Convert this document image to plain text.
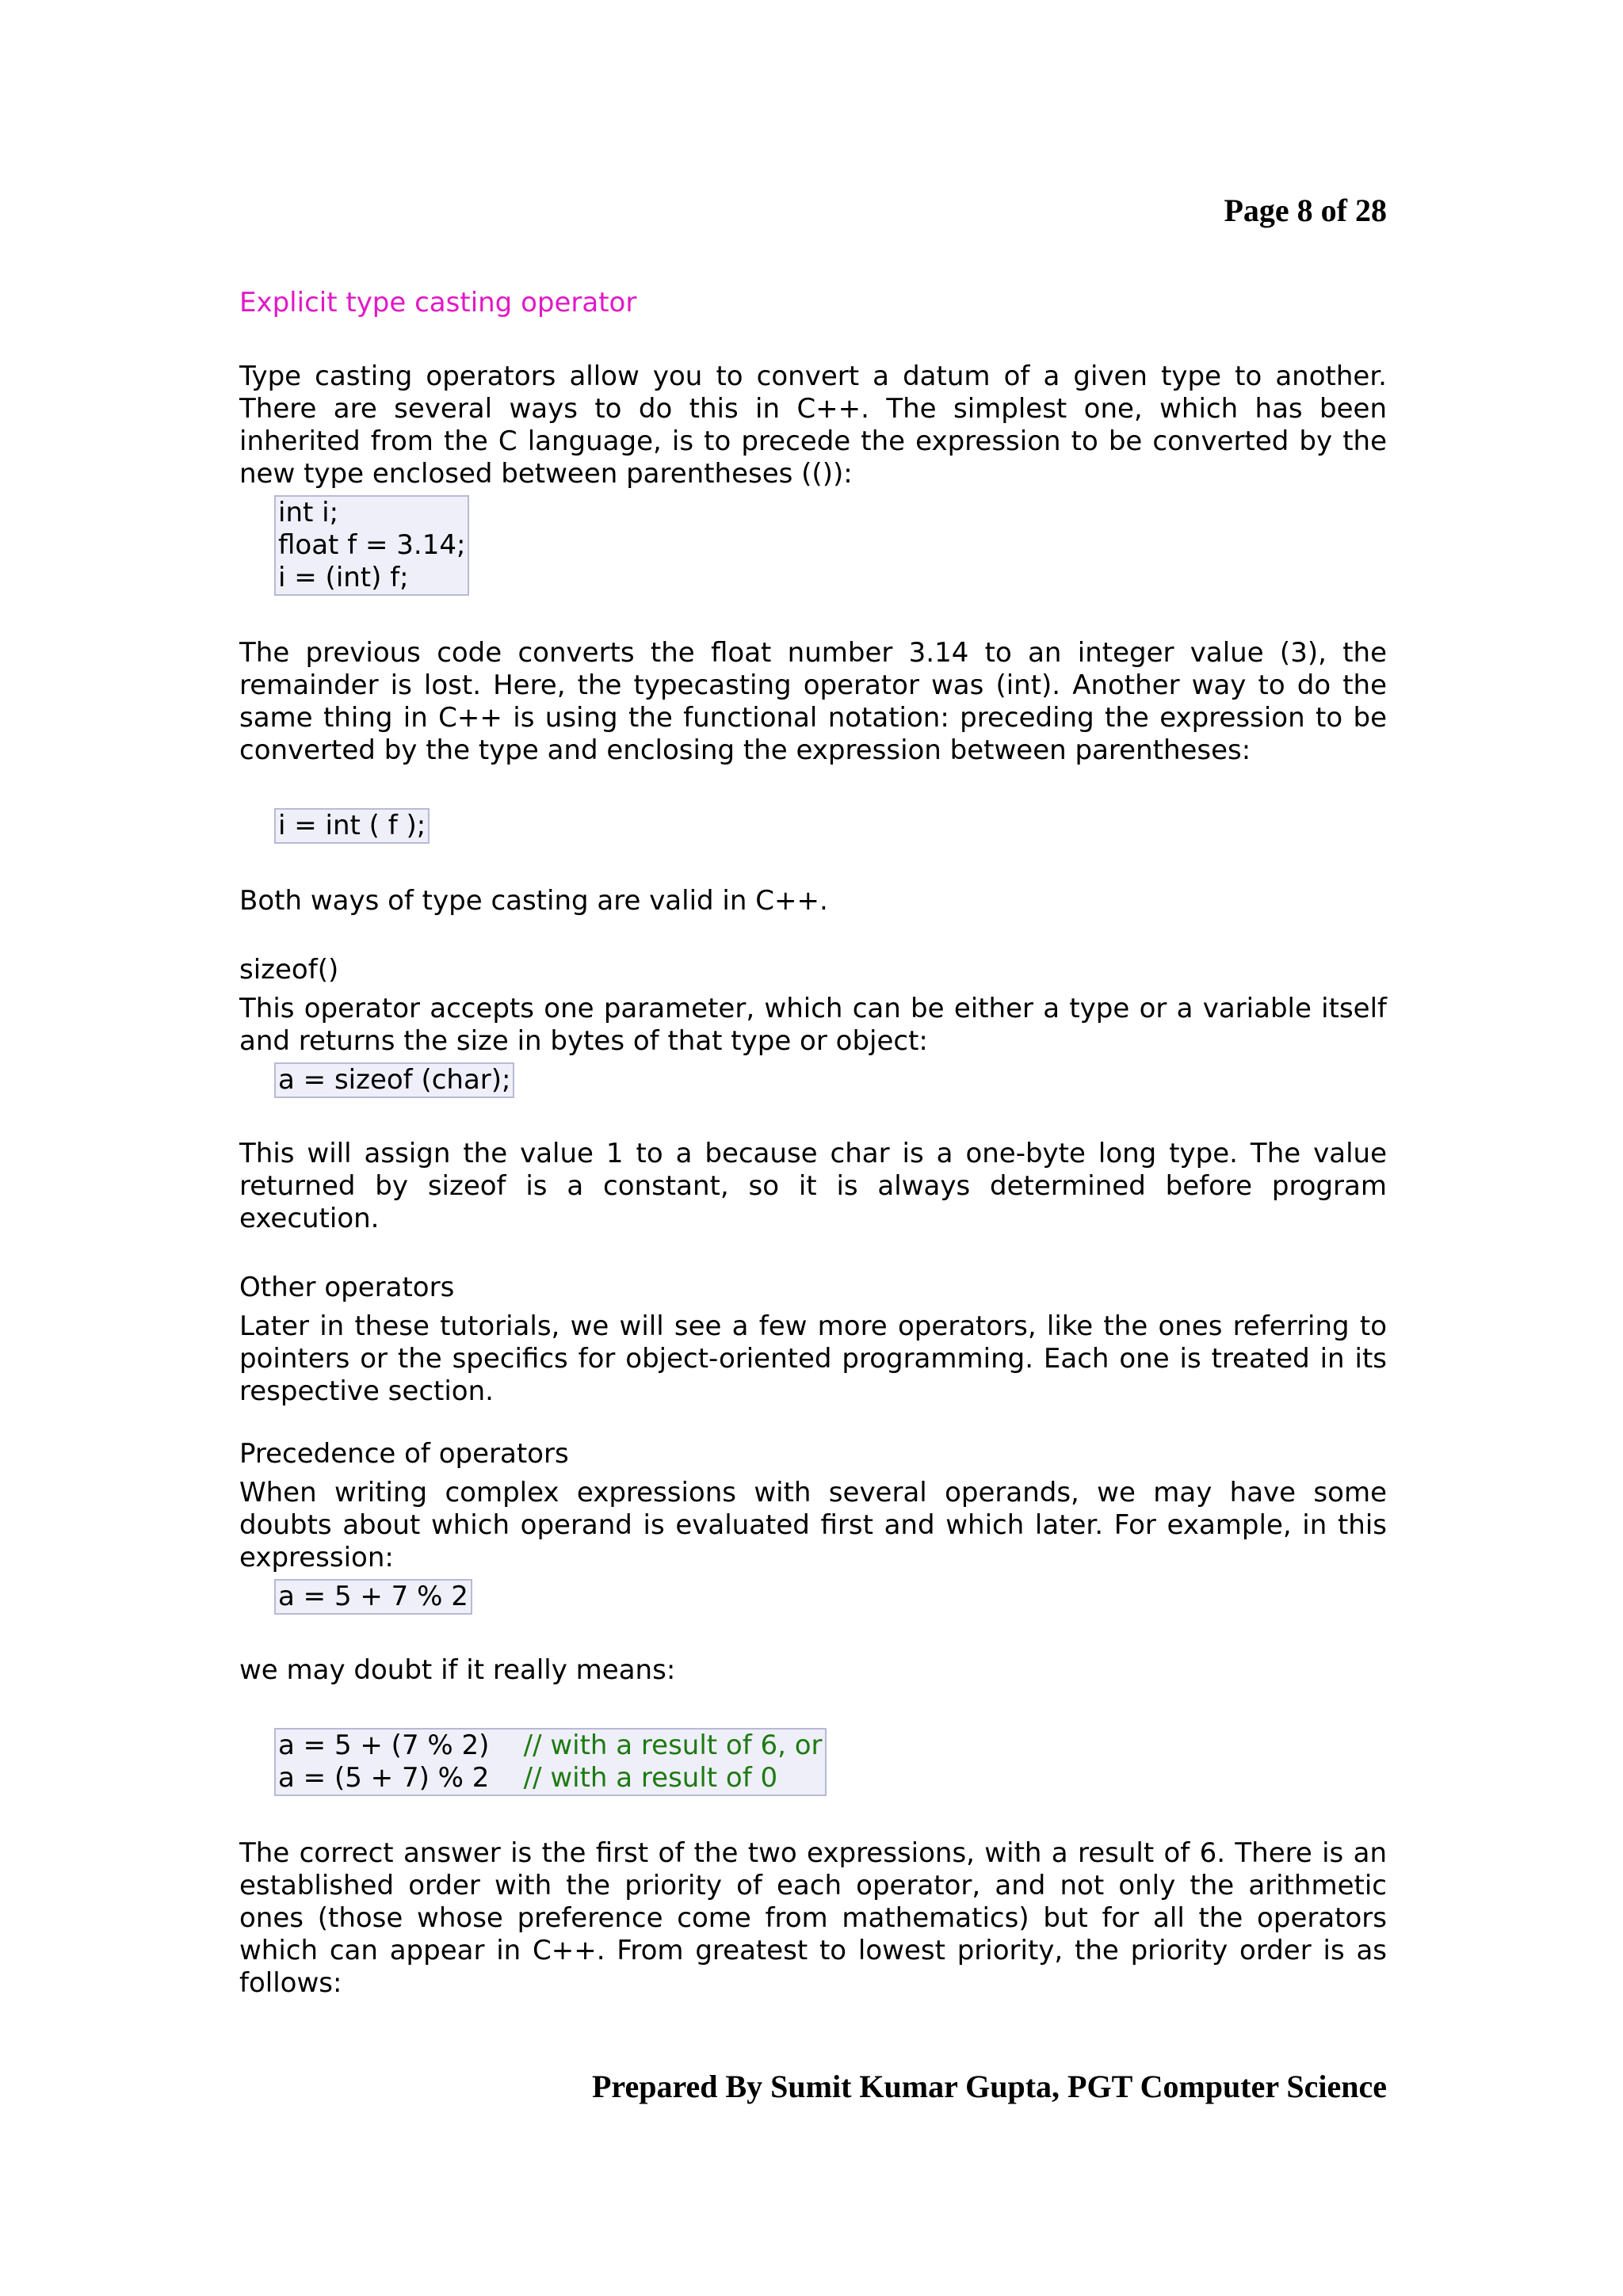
Page 8 of 28
Explicit type casting operator

Type casting operators allow you to convert a datum of a given type to another. There are several ways to do this in C++. The simplest one, which has been inherited from the C language, is to precede the expression to be converted by the new type enclosed between parentheses (()):

int i;
float f = 3.14;
i = (int) f;

The previous code converts the float number 3.14 to an integer value (3), the remainder is lost. Here, the typecasting operator was (int). Another way to do the same thing in C++ is using the functional notation: preceding the expression to be converted by the type and enclosing the expression between parentheses:

i = int ( f );

Both ways of type casting are valid in C++.

sizeof()

This operator accepts one parameter, which can be either a type or a variable itself and returns the size in bytes of that type or object:

a = sizeof (char);

This will assign the value 1 to a because char is a one-byte long type. The value returned by sizeof is a constant, so it is always determined before program execution.

Other operators

Later in these tutorials, we will see a few more operators, like the ones referring to pointers or the specifics for object-oriented programming. Each one is treated in its respective section.

Precedence of operators

When writing complex expressions with several operands, we may have some doubts about which operand is evaluated first and which later. For example, in this expression:

a = 5 + 7 % 2

we may doubt if it really means:

a = 5 + (7 % 2) // with a result of 6, or
a = (5 + 7) % 2 // with a result of 0

The correct answer is the first of the two expressions, with a result of 6. There is an established order with the priority of each operator, and not only the arithmetic ones (those whose preference come from mathematics) but for all the operators which can appear in C++. From greatest to lowest priority, the priority order is as follows:

Prepared By Sumit Kumar Gupta, PGT Computer Science
